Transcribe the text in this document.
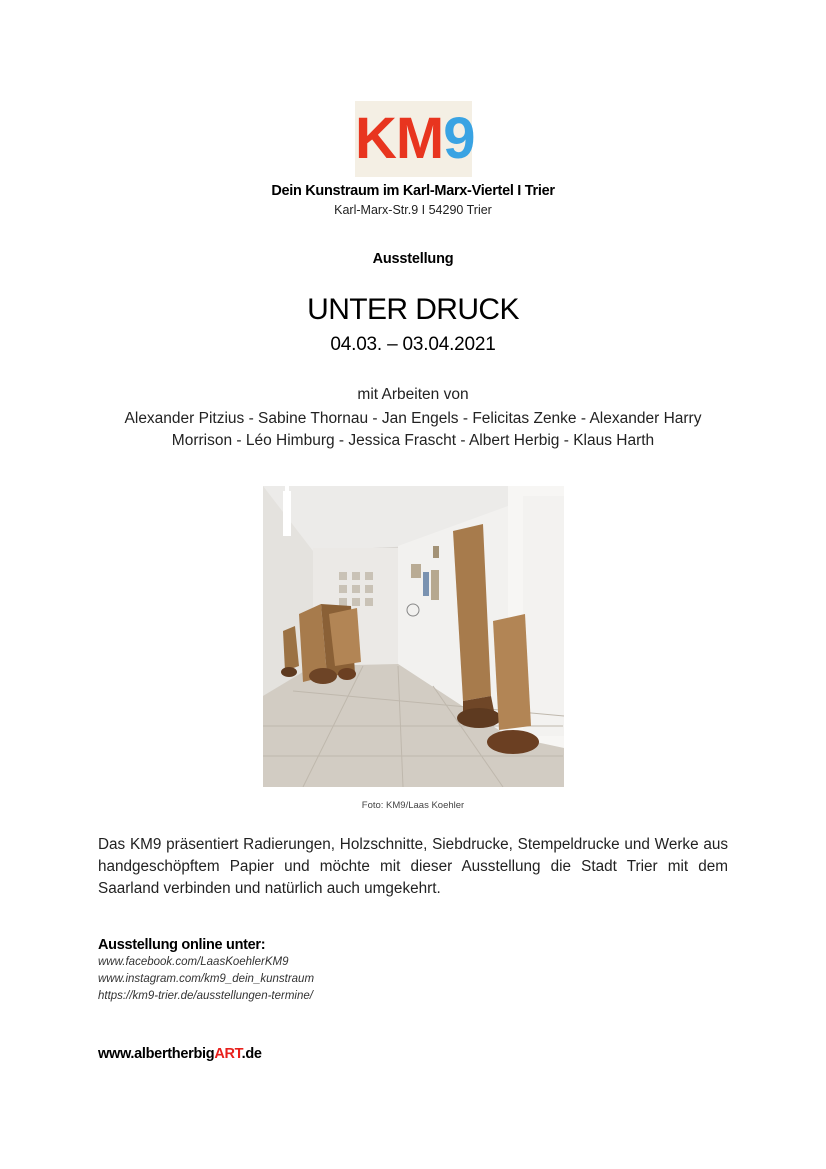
KM9
Dein Kunstraum im Karl-Marx-Viertel I Trier
Karl-Marx-Str.9 I 54290 Trier
Ausstellung
UNTER DRUCK
04.03. – 03.04.2021
mit Arbeiten von
Alexander Pitzius - Sabine Thornau - Jan Engels - Felicitas Zenke - Alexander Harry
Morrison - Léo Himburg - Jessica Frascht - Albert Herbig - Klaus Harth
Foto: KM9/Laas Koehler
Das KM9 präsentiert Radierungen, Holzschnitte, Siebdrucke, Stempeldrucke und Werke aus handgeschöpftem Papier und möchte mit dieser Ausstellung die Stadt Trier mit dem Saarland verbinden und natürlich auch umgekehrt.
Ausstellung online unter:
www.facebook.com/LaasKoehlerKM9
www.instagram.com/km9_dein_kunstraum
https://km9-trier.de/ausstellungen-termine/
www.albertherbigART.de
